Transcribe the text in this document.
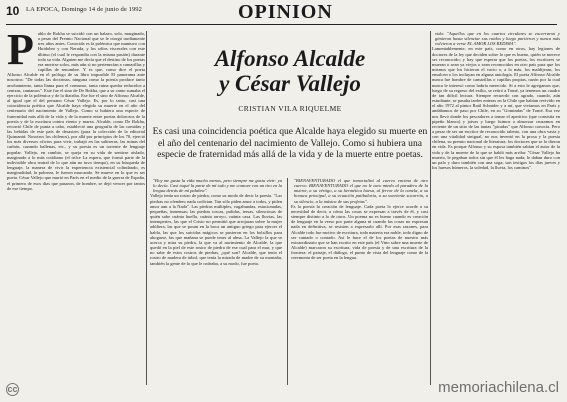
10 LA EPOCA, Domingo 14 de junio de 1992	OPINION
P ablo de Rokha se suicidó con un balazo, solo, marginado, a pesar del Premio Nacional que se le otorgó tardíamente tres años antes. Conocida es la polémica que mantuvo con Huidobro y con Neruda, y los odios viscerales con este último (el cual le respondía con la misma pasión) durante toda su vida. Alguien me decía que el destino de los poetas era morirse solos, más aún si no pertenecían a camarillas y capillas de renombre. Y es que, como dice el poeta Alfonso Alcalde en el prólogo de su libro imposible El panorama ante nosotros: "De todas las doctrinas, ninguna como la poesía produce tanto arrobamiento, tanta llama para el consumo, tanta ruina quedar reducidos a cenizas, cantamos". Este fue el sino de De Rokha, que a su canto sumaba el ejercicio de la polémica y de la diatriba. Ese fue el sino de Alfonso Alcalde, al igual que el del peruano César Vallejo. Es, por lo tanto, casi una coincidencia poética que Alcalde haya elegido su muerte en el año del centenario del nacimiento de Vallejo. Como si hubiera una especie de fraternidad más allá de la vida y de la muerte entre poetas dolorosos de la poesía y de la escritura contra viento y marea. Alcalde, como De Rokha, recorrió Chile de punta a cabo, estableció una geografía de las comidas y las bebidas de este país de desastres (para la colección de la editorial Quimantú: Nosotros los chilenos), por allá por principios de los 70, ejerció los más diversos oficios para vivir, trabajó en las salitreras, las minas del carbón, cazando ballenas, etc., y su poesía es un torrente de lenguaje popular. Vallejo, en cambio, se queja en su vida de sentirse aislado, marginado a lo más cotidiano (el trilce La espera, que formó parte de la indivisible obra teatral de lo que aún no tuvo tiempo), en su búsqueda de lenguaje, la manera de vivir la experiencia existencial colindando, es marginalidad, la pobreza, le fueron marcando. Se mueve en lo que es ser poeta. César Vallejo que murió en París en el medio de la guerra de España, el primero de esos días que pasaron, de hombre, se dejó vencer por tantos de ese tiempo.

Alfonso Alcalde
y César Vallejo
CRISTIAN VILA RIQUELME
Es casi una coincidencia poética que Alcalde haya elegido su muerte en el año del centenario del nacimiento de Vallejo. Como si hubiera una especie de fraternidad más allá de la vida y de la muerte entre poetas.

"Hoy me gusta la vida mucho menos, pero siempre me gusta vivir: ya lo decía. Casi toqué la parte de mí todo y me contuve con un tiro en la lengua detrás de mi palabra".

Vallejo tenía un rostro de piedra, como su modo de decir la poesía. "Las piedras no ofenden; nada codician. Tan sólo piden amor a todos, y piden amor aun a la Nada". Las piedras múltiples, vagabundas, estacionadas, pequeñas, inmensas; las piedras toscas, pulidas, tersas, silenciosas de quién sabe cuánta huella, cuánta arroyo, cuánta casa. Las lluvias, las intemperies, las que el Cristo no permitió que arrojaran sobre la mujer adúltera, las que se posan en la boca un antiguo griego para ejercer el habla, las que los suicidas mágicos se pusieron en los bolsillos para ahogarse, las que mañana se puede tener al alma. La Vallejo la que se acerca y mira su piedra, la que va al nacimiento de Alcalde, la que quedó en la piel de este rostro de piedra de ese cual para el mar, y que no sabe de estos rostros de piedras, ¿qué son? Alcalde, que tenía el rostro de madera de árbol, que tenía la mirada de madre de su montaña, también la gente de lo que le rodeaba, a su modo, fue poeta.

"BIENAVENTURADO el que inmortalizó al cuervo encima de otro cuervo. BIENAVENTURADO el que no le tuvo miedo al paradero de la muerte, a su vértigo, a su hermética huesa, al fervor de la canela, a su bonuca principal, a su ecuación patibularia, a su sonriente socarrón, a su silencio, a la música de sus profetas".

Es la poesía la creación de lenguaje. Cada poeta lo ejerce acorde a su necesidad de decir, a cómo las cosas se expresan a través de él, y casi siempre distinto a lo de otros. Un poema no es bueno cuando es creación de lenguaje en la verso por parte alguna ni cuando las cosas no expresan nada en definitiva, se resisten a expresarlo allí. Por esas razones, para Alcalde todo fue motivo de escritura, toda materia era noble, todo digno de ser cantado o contado. Así le hace el de los poetas de nuestro más extraordinario que se han escrito en este país (el Vino sobre una muerte de Alcalde) marcaron su escritura, vida de poesía y de una escritura de la frontera: el paisaje, el diálogo, el punto de vista del lenguaje como de la ceremonia de ser poeta en la lengua.

vida: "Aquellos que en los cuartos circulares se encerraron y gimieron hasta silenciar sus ruidos y luego partieron y nunca más volvieron a verse EL AMOR LOS REDIMA".

Lamentablemente, en este país, como en otros, hay legiones de doctores de la ley que deciden sobre lo que es bueno, quién se merece ser reconocido; y hay que esperar que los poetas, los escritores se mueran o sean ya viejos o sean reconocidos en otro país para que los mismos que los hicieron el vacío o, a lo más, los maldijeran, los ensalcen o los incluyan en alguna antología. El poeta Alfonso Alcalde nunca fue hombre de camarillas o capillas propias, razón por la cual nunca le interesó como habría merecido. Sí a esto le agregamos que, luego de su regreso del exilio, se retiró a Tomé, ya tenemos un cuadro de tan difícil lectura. Siempre recuerdo con agrado, cuando, aún estudiante, se pasaba tardes enteras en la Chile que habían revivido en el año 1972 al pintor Raúl Schnider y a mí, que vivíamos en París y andábamos de paso por Chile, en su "Gomindas" de Tomé. Esa vez nos llevó donde los pescadores a tomar el aperitivo (que consistía en pipeño blanco) y jaivas y luego fuimos a almorzar cruzamos en reciente de un sitio de las tantas "picadas" que Alfonso conocía. Pero a pesar de ser un escritor de reconocido talento, con una obra vasta y con una vitalidad sinigual, no nos inventó en la prosa y la poesía chilena, su premio nacional de literatura, los doctores que se lo dieron en vida. Es porque Alfonso y su esposa también sabían el autor de la vida y de la muerte de la que se habló más arriba: "César Vallejo ha muerto, le pegaban todos sin que él les haga nada; le daban duro con un palo y duro también con una soga; son testigos los días jueves y los huesos húmeros, la soledad, la lluvia, los caminos".

cc	memoriachilena.cl
